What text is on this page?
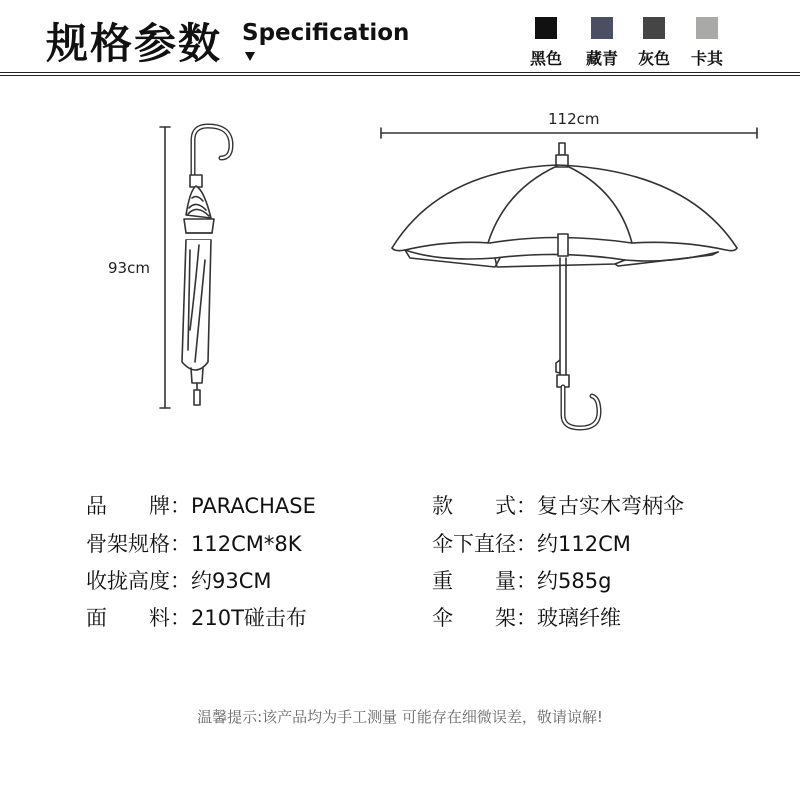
规格参数 Specification
黑色	藏青	灰色	卡其
93cm
112cm
品　　牌：PARACHASE
骨架规格：112CM*8K
收拢高度：约93CM
面　　料：210T碰击布
款　　式：复古实木弯柄伞
伞下直径：约112CM
重　　量：约585g
伞　　架：玻璃纤维
温馨提示:该产品均为手工测量 可能存在细微误差，敬请谅解!
